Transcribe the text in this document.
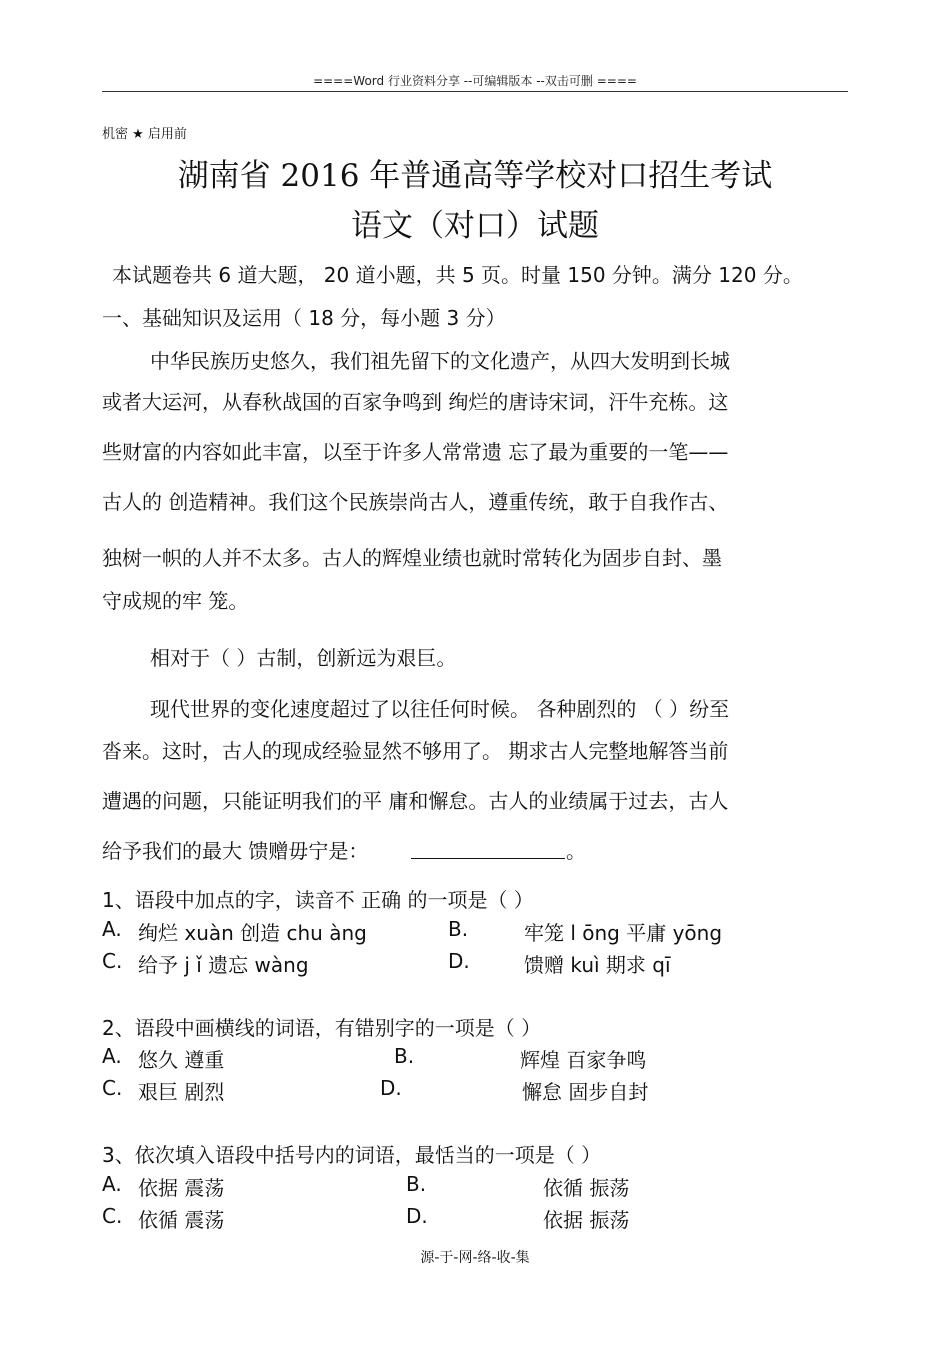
====Word 行业资料分享 --可编辑版本 --双击可删 ====
机密 ★ 启用前
湖南省 2016 年普通高等学校对口招生考试
语文（对口）试题
本试题卷共 6 道大题， 20 道小题，共 5 页。时量 150 分钟。满分 120 分。
一、基础知识及运用（ 18 分，每小题 3 分）
中华民族历史悠久，我们祖先留下的文化遗产，从四大发明到长城
或者大运河，从春秋战国的百家争鸣到 绚烂的唐诗宋词，汗牛充栋。这
些财富的内容如此丰富，以至于许多人常常遗 忘了最为重要的一笔——
古人的 创造精神。我们这个民族崇尚古人，遵重传统，敢于自我作古、
独树一帜的人并不太多。古人的辉煌业绩也就时常转化为固步自封、墨
守成规的牢 笼。
相对于（ ）古制，创新远为艰巨。
现代世界的变化速度超过了以往任何时候。 各种剧烈的 （ ）纷至
沓来。这时，古人的现成经验显然不够用了。 期求古人完整地解答当前
遭遇的问题，只能证明我们的平 庸和懈怠。古人的业绩属于过去，古人
给予我们的最大 馈赠毋宁是：	。
1、语段中加点的字，读音不 正确 的一项是（ ）
A. 绚烂 xuàn 创造 chu àng	B.	牢笼 l ōng 平庸 yōng
C. 给予 j ǐ 遗忘 wàng	D.	馈赠 kuì 期求 qī
2、语段中画横线的词语，有错别字的一项是（ ）
A. 悠久 遵重	B.	辉煌 百家争鸣
C. 艰巨 剧烈	D.	懈怠 固步自封
3、依次填入语段中括号内的词语，最恬当的一项是（ ）
A. 依据 震荡	B.	依循 振荡
C. 依循 震荡	D.	依据 振荡
源-于-网-络-收-集
